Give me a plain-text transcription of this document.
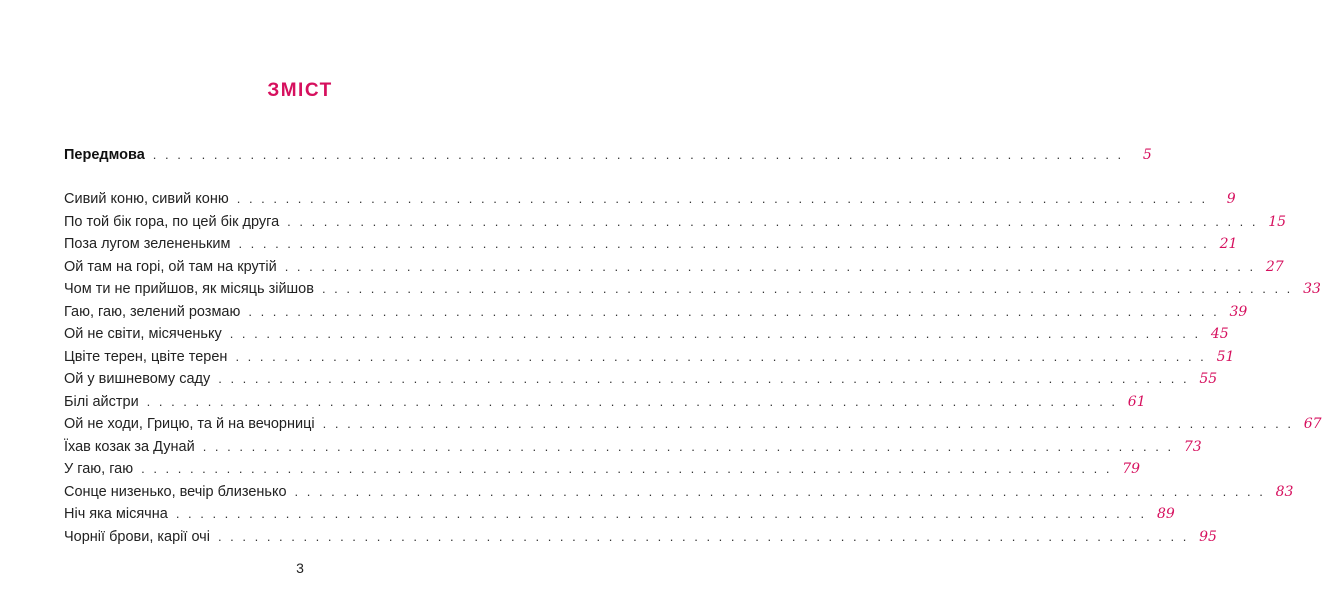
ЗМІСТ
Передмова ................................................................................ 5
Сивий коню, сивий коню ................................................................................ 9
По той бік гора, по цей бік друга ................................................................................ 15
Поза лугом зелененьким ................................................................................ 21
Ой там на горі, ой там на крутій ................................................................................ 27
Чом ти не прийшов, як місяць зійшов ................................................................................ 33
Гаю, гаю, зелений розмаю ................................................................................ 39
Ой не світи, місяченьку ................................................................................ 45
Цвіте терен, цвіте терен ................................................................................ 51
Ой у вишневому саду ................................................................................ 55
Білі айстри ................................................................................ 61
Ой не ходи, Грицю, та й на вечорниці ................................................................................ 67
Їхав козак за Дунай ................................................................................ 73
У гаю, гаю ................................................................................ 79
Сонце низенько, вечір близенько ................................................................................ 83
Ніч яка місячна ................................................................................ 89
Чорнії брови, карії очі ................................................................................ 95
3
